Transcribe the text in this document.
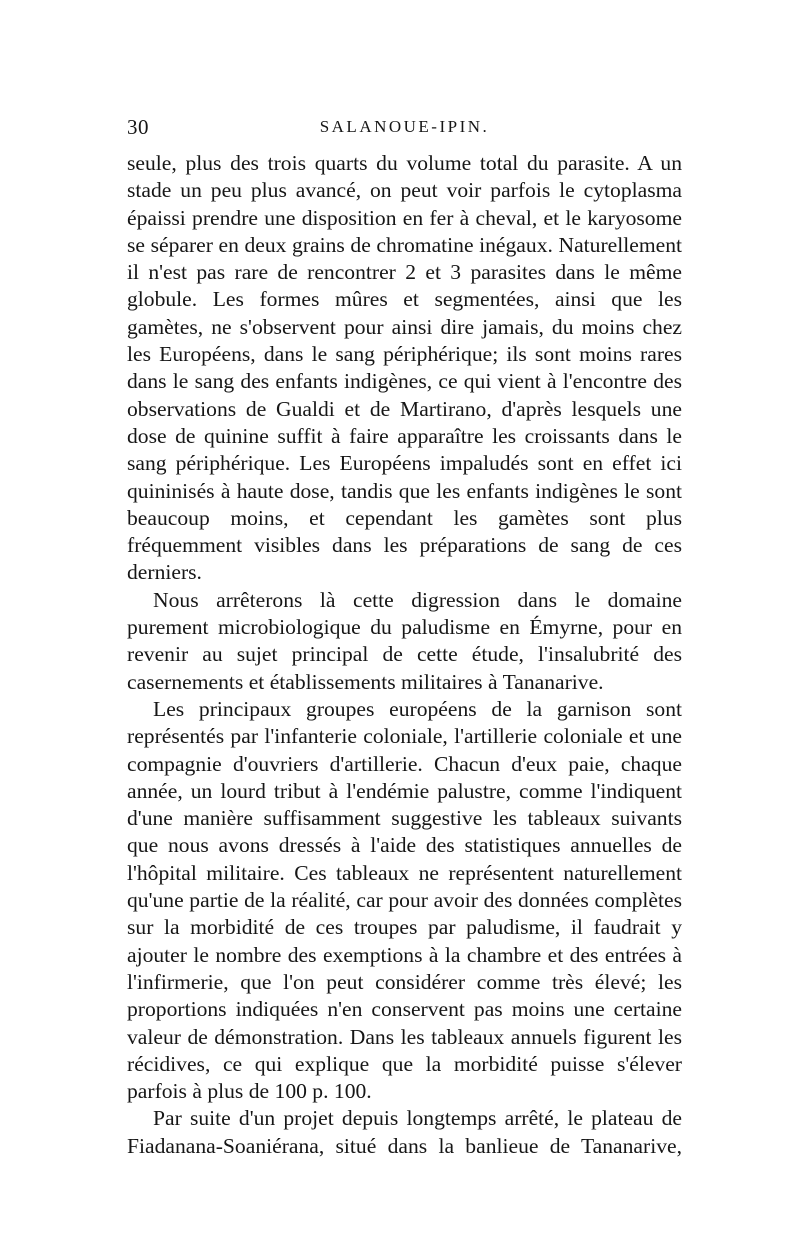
30	SALANOUE-IPIN.

seule, plus des trois quarts du volume total du parasite. A un stade un peu plus avancé, on peut voir parfois le cytoplasma épaissi prendre une disposition en fer à cheval, et le karyosome se séparer en deux grains de chromatine inégaux. Naturellement il n'est pas rare de rencontrer 2 et 3 parasites dans le même globule. Les formes mûres et segmentées, ainsi que les gamètes, ne s'observent pour ainsi dire jamais, du moins chez les Européens, dans le sang périphérique; ils sont moins rares dans le sang des enfants indigènes, ce qui vient à l'encontre des observations de Gualdi et de Martirano, d'après lesquels une dose de quinine suffit à faire apparaître les croissants dans le sang périphérique. Les Européens impaludés sont en effet ici quininisés à haute dose, tandis que les enfants indigènes le sont beaucoup moins, et cependant les gamètes sont plus fréquemment visibles dans les préparations de sang de ces derniers.

Nous arrêterons là cette digression dans le domaine purement microbiologique du paludisme en Émyrne, pour en revenir au sujet principal de cette étude, l'insalubrité des casernements et établissements militaires à Tananarive.

Les principaux groupes européens de la garnison sont représentés par l'infanterie coloniale, l'artillerie coloniale et une compagnie d'ouvriers d'artillerie. Chacun d'eux paie, chaque année, un lourd tribut à l'endémie palustre, comme l'indiquent d'une manière suffisamment suggestive les tableaux suivants que nous avons dressés à l'aide des statistiques annuelles de l'hôpital militaire. Ces tableaux ne représentent naturellement qu'une partie de la réalité, car pour avoir des données complètes sur la morbidité de ces troupes par paludisme, il faudrait y ajouter le nombre des exemptions à la chambre et des entrées à l'infirmerie, que l'on peut considérer comme très élevé; les proportions indiquées n'en conservent pas moins une certaine valeur de démonstration. Dans les tableaux annuels figurent les récidives, ce qui explique que la morbidité puisse s'élever parfois à plus de 100 p. 100.

Par suite d'un projet depuis longtemps arrêté, le plateau de Fiadanana-Soaniérana, situé dans la banlieue de Tananarive,
